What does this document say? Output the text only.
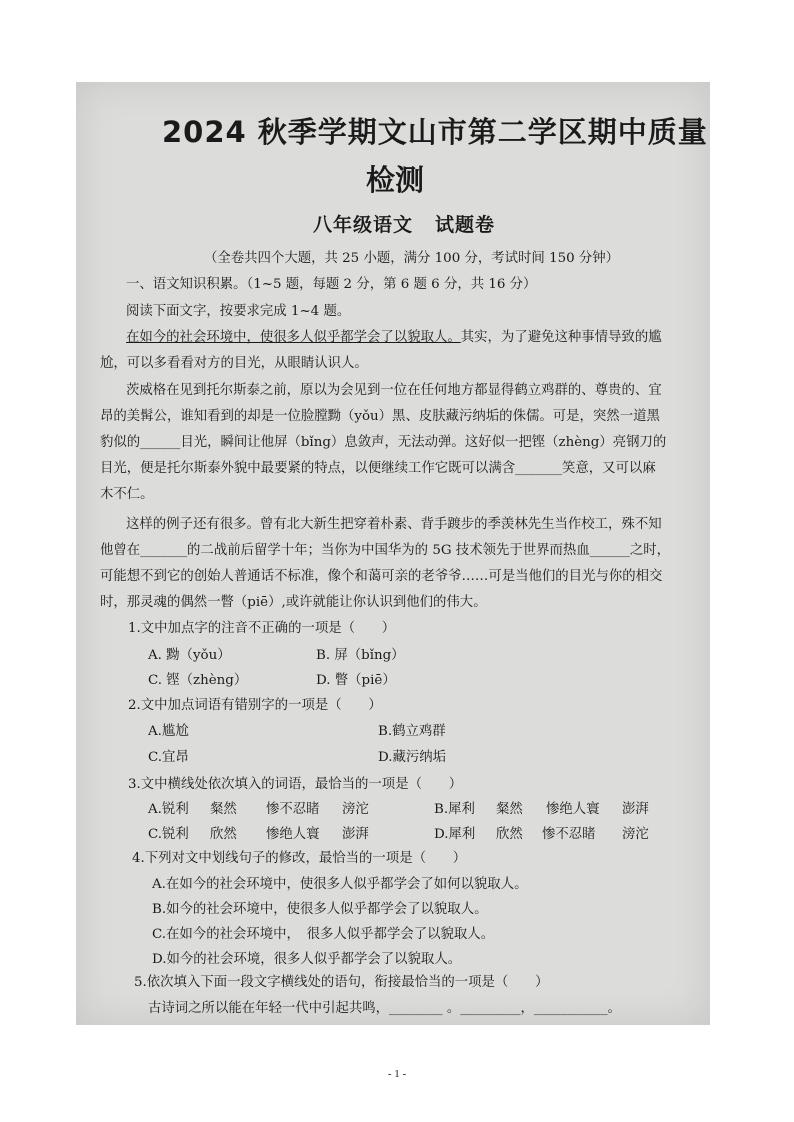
2024 秋季学期文山市第二学区期中质量
检测
八年级语文 试题卷
（全卷共四个大题，共 25 小题，满分 100 分，考试时间 150 分钟）
一、语文知识积累。（1~5 题，每题 2 分，第 6 题 6 分，共 16 分）
阅读下面文字，按要求完成 1~4 题。
在如今的社会环境中，使很多人似乎都学会了以貌取人。其实，为了避免这种事情导致的尴
尬，可以多看看对方的目光，从眼睛认识人。
茨威格在见到托尔斯泰之前，原以为会见到一位在任何地方都显得鹤立鸡群的、尊贵的、宜
昂的美髯公，谁知看到的却是一位脸膛黝（yǒu）黑、皮肤藏污纳垢的侏儒。可是，突然一道黑
豹似的______目光，瞬间让他屏（bǐng）息敛声，无法动弹。这好似一把铿（zhèng）亮钢刀的
目光，便是托尔斯泰外貌中最要紧的特点，以便继续工作它既可以满含_______笑意，又可以麻
木不仁。
这样的例子还有很多。曾有北大新生把穿着朴素、背手踱步的季羡林先生当作校工，殊不知
他曾在_______的二战前后留学十年；当你为中国华为的 5G 技术领先于世界而热血______之时，
可能想不到它的创始人普通话不标准，像个和蔼可亲的老爷爷……可是当他们的目光与你的相交
时，那灵魂的偶然一瞥（piē）,或许就能让你认识到他们的伟大。
1.文中加点字的注音不正确的一项是（　　）
A. 黝（yǒu）	B. 屏（bǐng）
C. 铿（zhèng）	D. 瞥（piē）
2.文中加点词语有错别字的一项是（　　）
A.尴尬	B.鹤立鸡群
C.宜昂	D.藏污纳垢
3.文中横线处依次填入的词语，最恰当的一项是（　　）
A.锐利 粲然 惨不忍睹 滂沱	B.犀利 粲然 惨绝人寰 澎湃
C.锐利 欣然 惨绝人寰 澎湃	D.犀利 欣然 惨不忍睹 滂沱
4.下列对文中划线句子的修改，最恰当的一项是（　　）
A.在如今的社会环境中，使很多人似乎都学会了如何以貌取人。
B.如今的社会环境中，使很多人似乎都学会了以貌取人。
C.在如今的社会环境中，　很多人似乎都学会了以貌取人。
D.如今的社会环境，很多人似乎都学会了以貌取人。
5.依次填入下面一段文字横线处的语句，衔接最恰当的一项是（　　）
古诗词之所以能在年轻一代中引起共鸣，________ 。_________，___________。
- 1 -
